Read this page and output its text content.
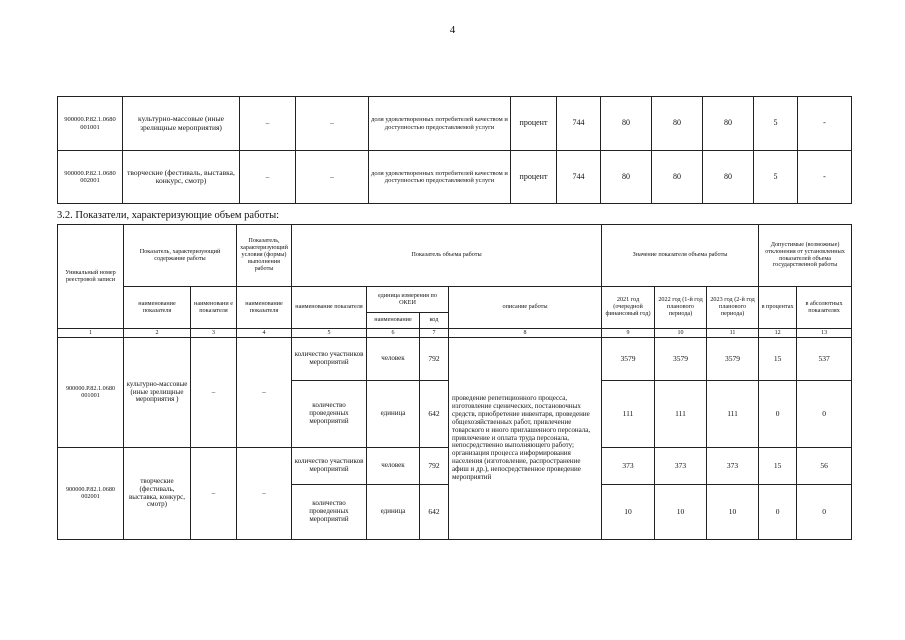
4
900000.Р.82.1.0680 001001	культурно-массовые (иные зрелищные мероприятия)	–	–	доля удовлетворенных потребителей качеством и доступностью предоставляемой услуги	процент	744	80	80	80	5	-
900000.Р.82.1.0680 002001	творческие (фестиваль, выставка, конкурс, смотр)	–	–	доля удовлетворенных потребителей качеством и доступностью предоставляемой услуги	процент	744	80	80	80	5	-
3.2. Показатели, характеризующие объем работы:
Уникальный номер реестровой записи	Показатель, характеризующий содержание работы		Показатель, характеризующий условия (формы) выполнения работы	Показатель объема работы				Значение показателя объема работы			Допустимые (возможные) отклонения от установленных показателей объема государственной работы	
	наименование показателя	наименовани е показателя	наименование показателя	наименование показателя	единица измерения по ОКЕИ		описание работы	2021 год (очередной финансовый год)	2022 год (1-й год планового периода)	2023 год (2-й год планового периода)	в процентах	в абсолютных показателях
					наименование	код						
1	2	3	4	5	6	7	8	9	10	11	12	13
900000.Р.82.1.0680 001001	культурно-массовые (иные зрелищные мероприятия )	–	–	количество участников мероприятий	человек	792	проведение репетиционного процесса, изготовление сценических, постановочных средств, приобретение инвентаря, проведение общехозяйственных работ, привлечение товарского и иного приглашенного персонала, привлечение и оплата труда персонала, непосредственно выполняющего работу; организация процесса информирования населения (изготовление, распространение афиш и др.), непосредственное проведение мероприятий	3579	3579	3579	15	537
				количество проведенных мероприятий	единица	642		111	111	111	0	0
900000.Р.82.1.0680 002001	творческие (фестиваль, выставка, конкурс, смотр)	–	–	количество участников мероприятий	человек	792		373	373	373	15	56
				количество проведенных мероприятий	единица	642		10	10	10	0	0
